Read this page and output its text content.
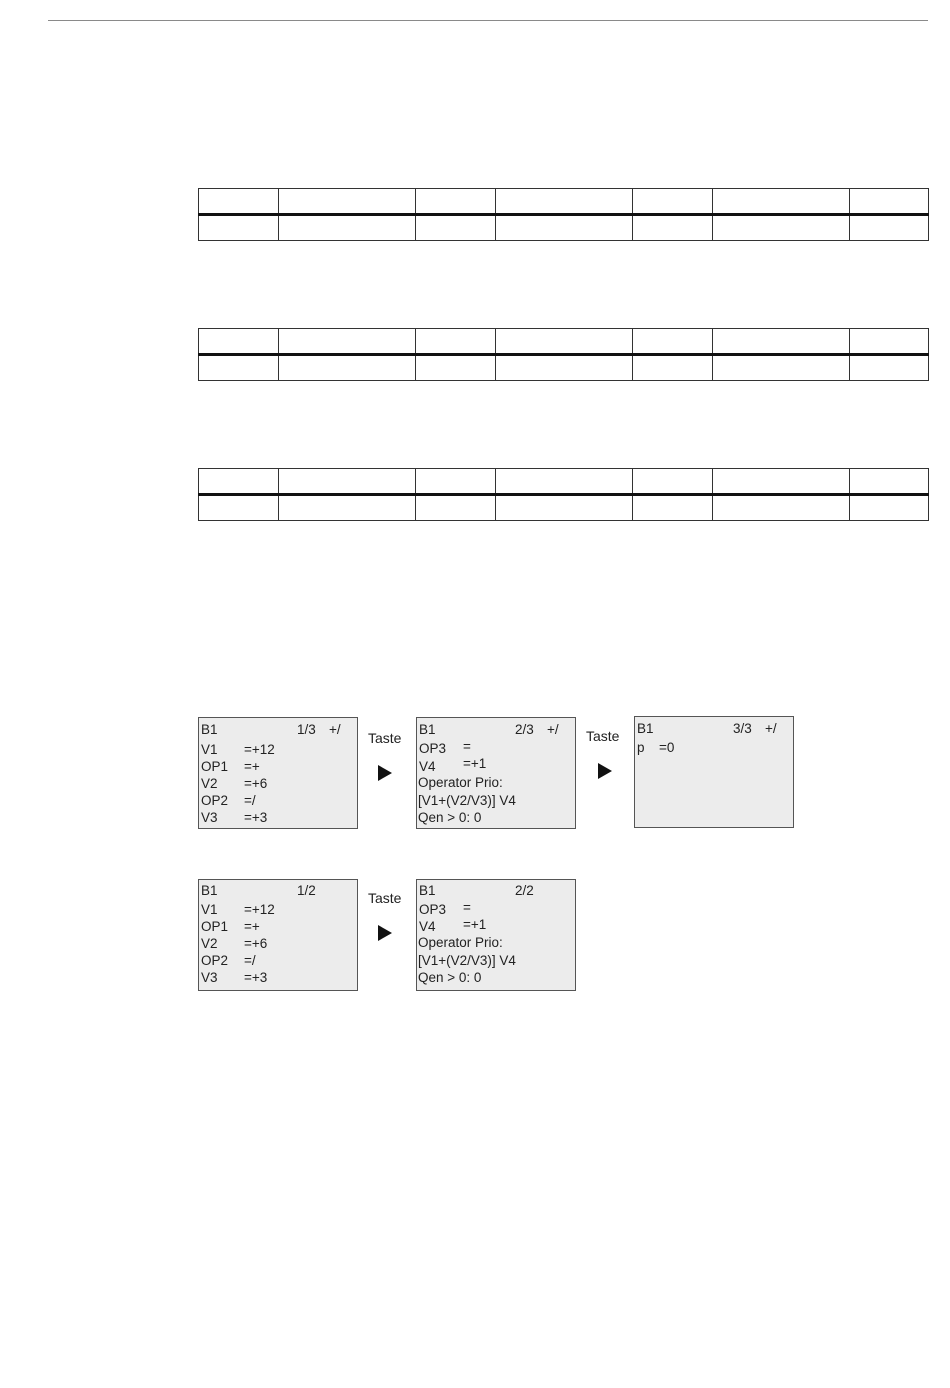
B1	1/3 +/
V1 =+12
OP1 =+
V2 =+6
OP2 =/
V3 =+3
Taste
B1	2/3 +/
OP3 =
V4 =+1
Operator Prio:
[V1+(V2/V3)] V4
Qen > 0: 0
Taste B1	3/3 +/
p =0
B1	1/2
V1 =+12
OP1 =+
V2 =+6
OP2 =/
V3 =+3
Taste B1	2/2
OP3 =
V4 =+1
Operator Prio:
[V1+(V2/V3)] V4
Qen > 0: 0
